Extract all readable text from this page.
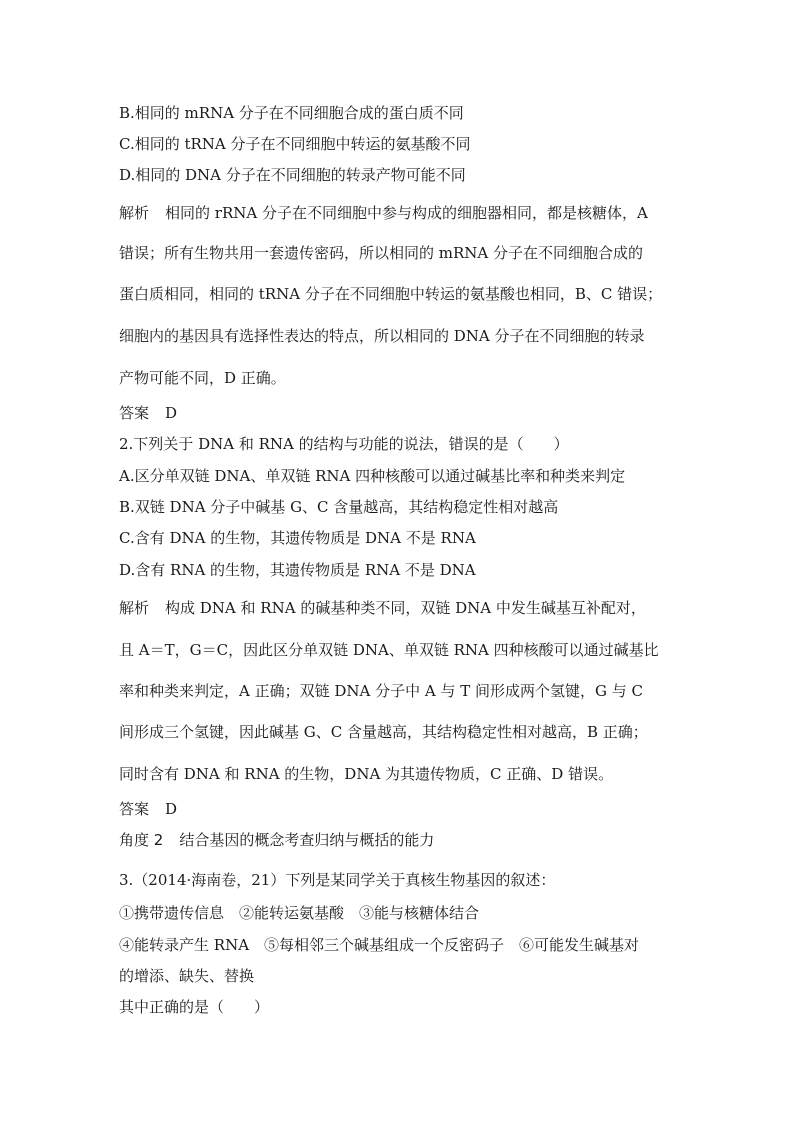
B.相同的 mRNA 分子在不同细胞合成的蛋白质不同
C.相同的 tRNA 分子在不同细胞中转运的氨基酸不同
D.相同的 DNA 分子在不同细胞的转录产物可能不同
解析 相同的 rRNA 分子在不同细胞中参与构成的细胞器相同，都是核糖体，A
错误；所有生物共用一套遗传密码，所以相同的 mRNA 分子在不同细胞合成的
蛋白质相同，相同的 tRNA 分子在不同细胞中转运的氨基酸也相同，B、C 错误；
细胞内的基因具有选择性表达的特点，所以相同的 DNA 分子在不同细胞的转录
产物可能不同，D 正确。
答案 D
2.下列关于 DNA 和 RNA 的结构与功能的说法，错误的是（　　）
A.区分单双链 DNA、单双链 RNA 四种核酸可以通过碱基比率和种类来判定
B.双链 DNA 分子中碱基 G、C 含量越高，其结构稳定性相对越高
C.含有 DNA 的生物，其遗传物质是 DNA 不是 RNA
D.含有 RNA 的生物，其遗传物质是 RNA 不是 DNA
解析 构成 DNA 和 RNA 的碱基种类不同，双链 DNA 中发生碱基互补配对，
且 A＝T，G＝C，因此区分单双链 DNA、单双链 RNA 四种核酸可以通过碱基比
率和种类来判定，A 正确；双链 DNA 分子中 A 与 T 间形成两个氢键，G 与 C
间形成三个氢键，因此碱基 G、C 含量越高，其结构稳定性相对越高，B 正确；
同时含有 DNA 和 RNA 的生物，DNA 为其遗传物质，C 正确、D 错误。
答案 D
角度 2 结合基因的概念考查归纳与概括的能力
3.（2014·海南卷，21）下列是某同学关于真核生物基因的叙述：
①携带遗传信息　②能转运氨基酸　③能与核糖体结合
④能转录产生 RNA　⑤每相邻三个碱基组成一个反密码子　⑥可能发生碱基对
的增添、缺失、替换
其中正确的是（　　）
